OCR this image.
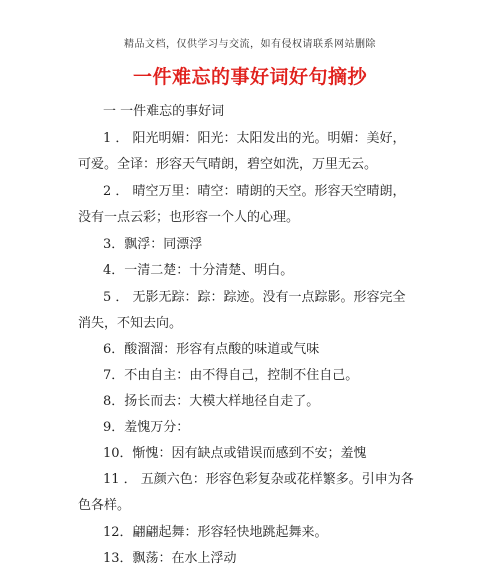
精品文档，仅供学习与交流，如有侵权请联系网站删除
一件难忘的事好词好句摘抄
一 一件难忘的事好词
1 ． 阳光明媚：阳光：太阳发出的光。明媚：美好，
可爱。全译：形容天气晴朗，碧空如洗，万里无云。
2 ． 晴空万里：晴空：晴朗的天空。形容天空晴朗，
没有一点云彩；也形容一个人的心理。
3．飘浮：同漂浮
4．一清二楚：十分清楚、明白。
5 ． 无影无踪：踪：踪迹。没有一点踪影。形容完全
消失，不知去向。
6．酸溜溜：形容有点酸的味道或气味
7．不由自主：由不得自己，控制不住自己。
8．扬长而去：大模大样地径自走了。
9．羞愧万分：
10．惭愧：因有缺点或错误而感到不安；羞愧
11 ． 五颜六色：形容色彩复杂或花样繁多。引申为各
色各样。
12．翩翩起舞：形容轻快地跳起舞来。
13．飘荡：在水上浮动
